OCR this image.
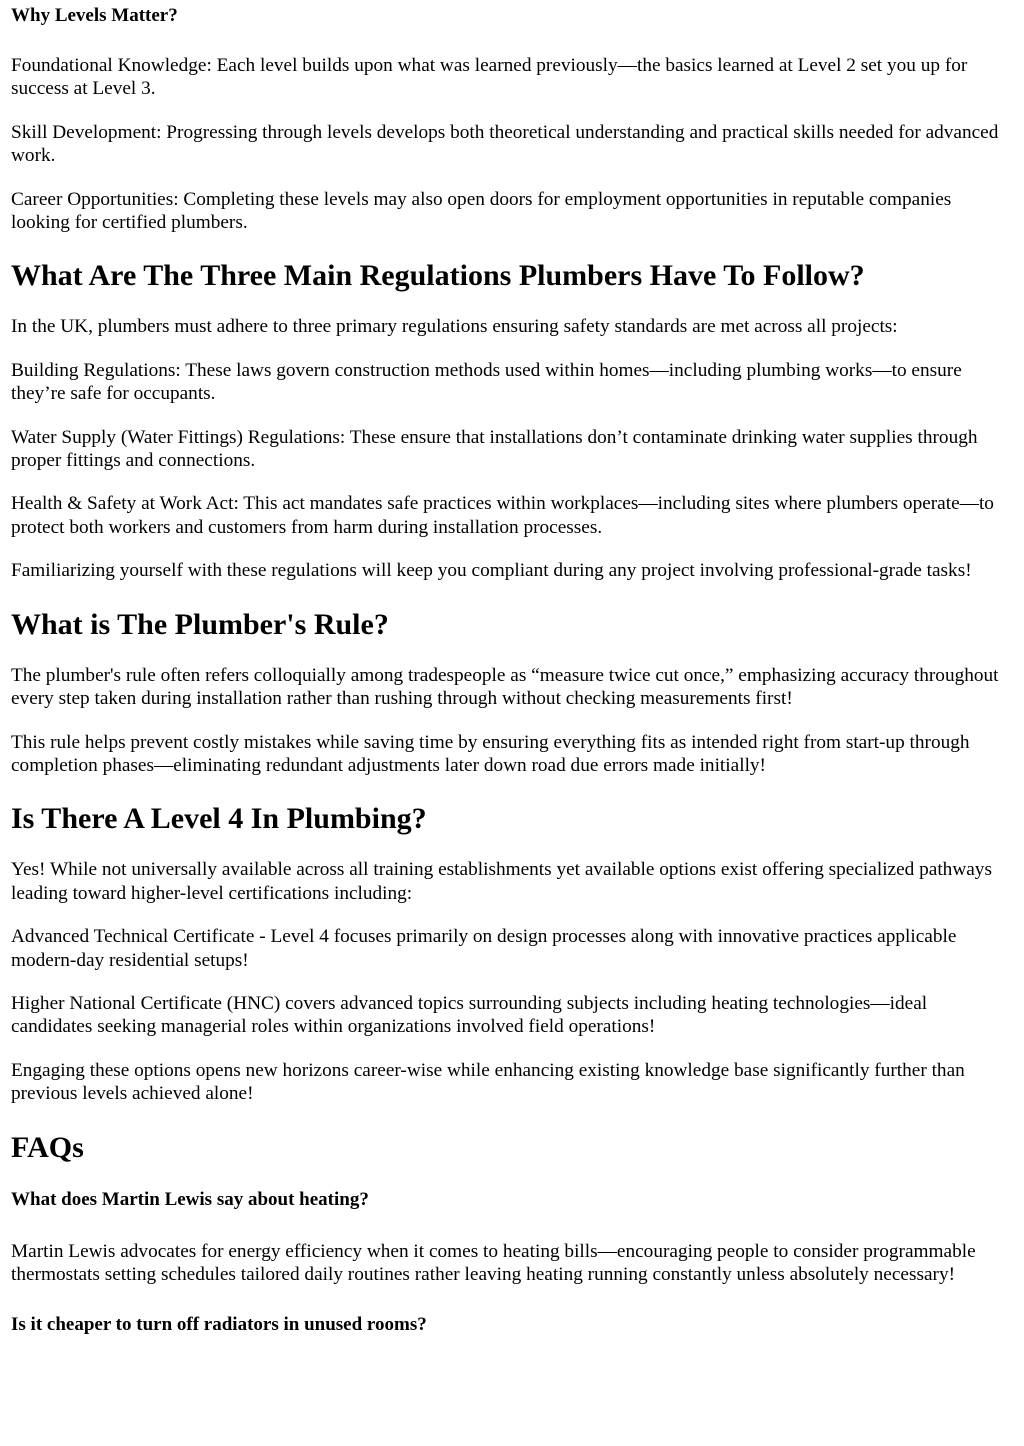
Why Levels Matter?

Foundational Knowledge: Each level builds upon what was learned previously—the basics learned at Level 2 set you up for success at Level 3.

Skill Development: Progressing through levels develops both theoretical understanding and practical skills needed for advanced work.

Career Opportunities: Completing these levels may also open doors for employment opportunities in reputable companies looking for certified plumbers.

What Are The Three Main Regulations Plumbers Have To Follow?

In the UK, plumbers must adhere to three primary regulations ensuring safety standards are met across all projects:

Building Regulations: These laws govern construction methods used within homes—including plumbing works—to ensure they’re safe for occupants.

Water Supply (Water Fittings) Regulations: These ensure that installations don’t contaminate drinking water supplies through proper fittings and connections.

Health & Safety at Work Act: This act mandates safe practices within workplaces—including sites where plumbers operate—to protect both workers and customers from harm during installation processes.

Familiarizing yourself with these regulations will keep you compliant during any project involving professional-grade tasks!

What is The Plumber's Rule?

The plumber's rule often refers colloquially among tradespeople as “measure twice cut once,” emphasizing accuracy throughout every step taken during installation rather than rushing through without checking measurements first!

This rule helps prevent costly mistakes while saving time by ensuring everything fits as intended right from start-up through completion phases—eliminating redundant adjustments later down road due errors made initially!

Is There A Level 4 In Plumbing?

Yes! While not universally available across all training establishments yet available options exist offering specialized pathways leading toward higher-level certifications including:

Advanced Technical Certificate - Level 4 focuses primarily on design processes along with innovative practices applicable modern-day residential setups!

Higher National Certificate (HNC) covers advanced topics surrounding subjects including heating technologies—ideal candidates seeking managerial roles within organizations involved field operations!

Engaging these options opens new horizons career-wise while enhancing existing knowledge base significantly further than previous levels achieved alone!

FAQs
What does Martin Lewis say about heating?

Martin Lewis advocates for energy efficiency when it comes to heating bills—encouraging people to consider programmable thermostats setting schedules tailored daily routines rather leaving heating running constantly unless absolutely necessary!

Is it cheaper to turn off radiators in unused rooms?
